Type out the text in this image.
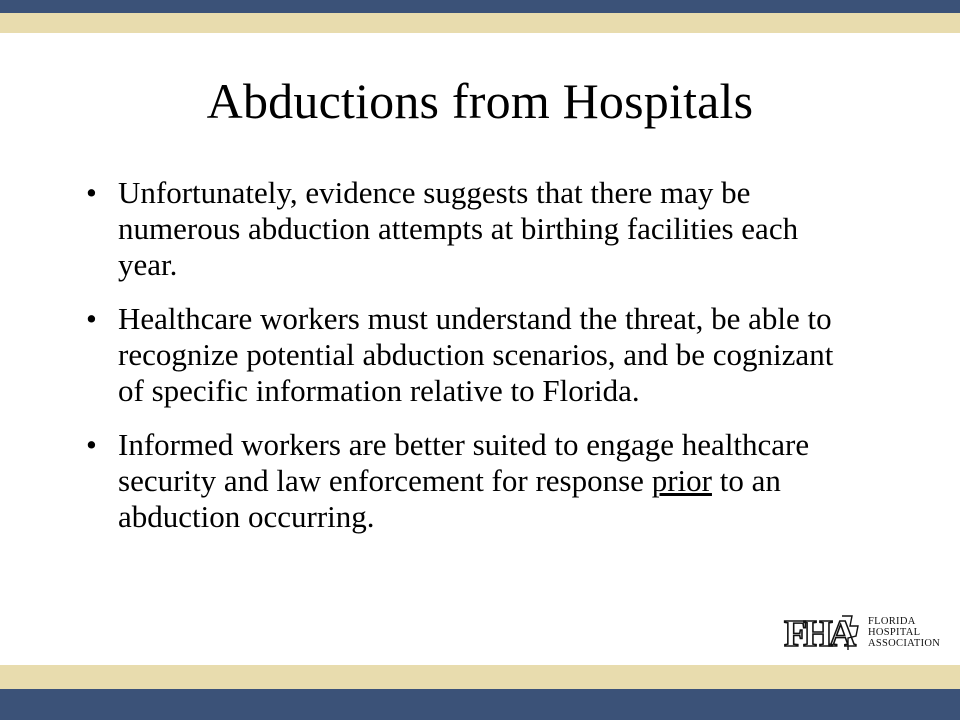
Abductions from Hospitals
• Unfortunately, evidence suggests that there may be numerous abduction attempts at birthing facilities each year.
• Healthcare workers must understand the threat, be able to recognize potential abduction scenarios, and be cognizant of specific information relative to Florida.
• Informed workers are better suited to engage healthcare security and law enforcement for response prior to an abduction occurring.
FHA	FLORIDA
HOSPITAL
ASSOCIATION
